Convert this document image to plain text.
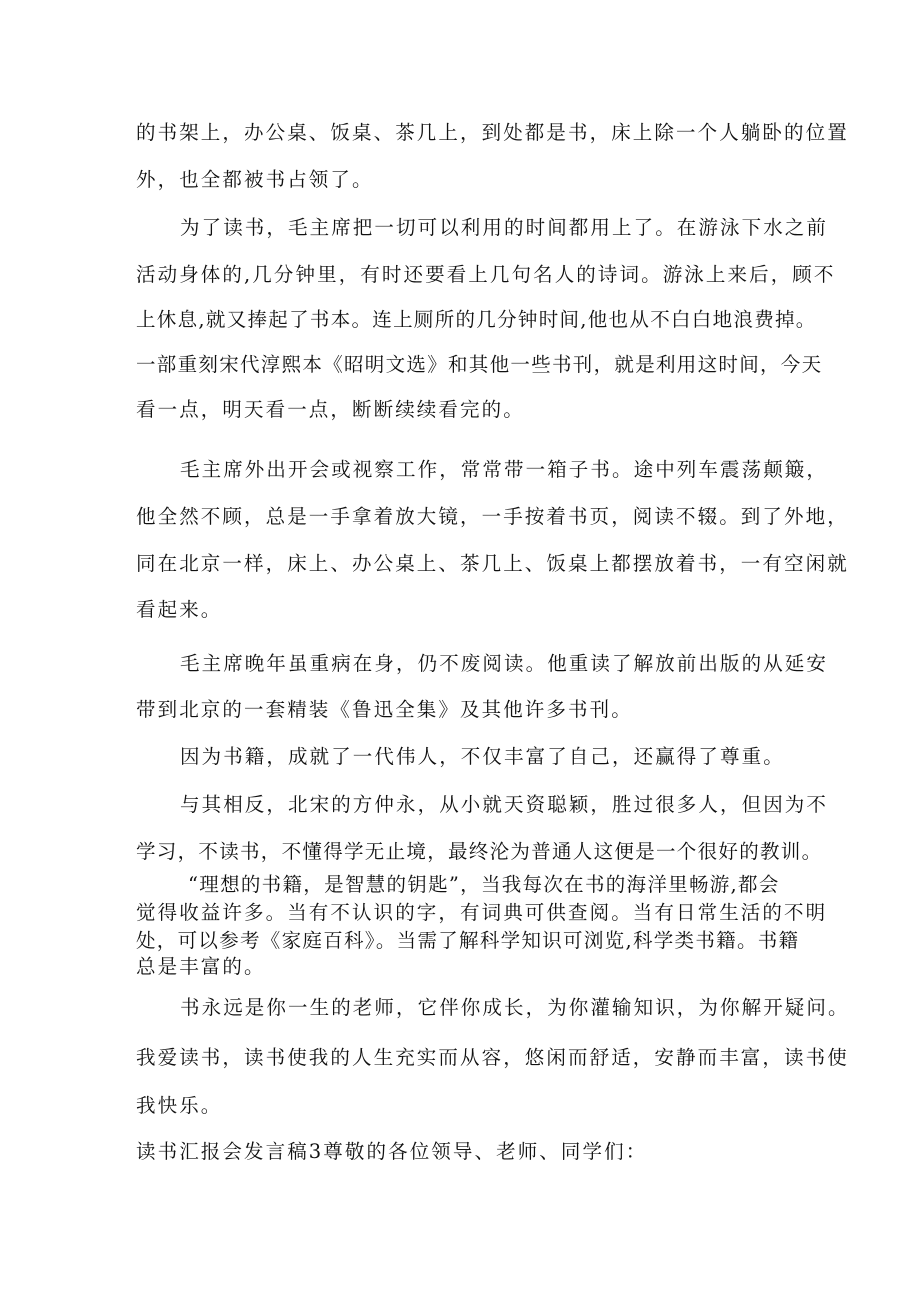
的书架上，办公桌、饭桌、茶几上，到处都是书，床上除一个人躺卧的位置
外，也全都被书占领了。
为了读书，毛主席把一切可以利用的时间都用上了。在游泳下水之前
活动身体的,几分钟里，有时还要看上几句名人的诗词。游泳上来后，顾不
上休息,就又捧起了书本。连上厕所的几分钟时间,他也从不白白地浪费掉。
一部重刻宋代淳熙本《昭明文选》和其他一些书刊，就是利用这时间，今天
看一点，明天看一点，断断续续看完的。
毛主席外出开会或视察工作，常常带一箱子书。途中列车震荡颠簸，
他全然不顾，总是一手拿着放大镜，一手按着书页，阅读不辍。到了外地，
同在北京一样，床上、办公桌上、茶几上、饭桌上都摆放着书，一有空闲就
看起来。
毛主席晚年虽重病在身，仍不废阅读。他重读了解放前出版的从延安
带到北京的一套精装《鲁迅全集》及其他许多书刊。
因为书籍，成就了一代伟人，不仅丰富了自己，还赢得了尊重。
与其相反，北宋的方仲永，从小就天资聪颖，胜过很多人，但因为不
学习，不读书，不懂得学无止境，最终沦为普通人这便是一个很好的教训。
“理想的书籍，是智慧的钥匙”，当我每次在书的海洋里畅游,都会
觉得收益许多。当有不认识的字，有词典可供查阅。当有日常生活的不明
处，可以参考《家庭百科》。当需了解科学知识可浏览,科学类书籍。书籍
总是丰富的。
书永远是你一生的老师，它伴你成长，为你灌输知识，为你解开疑问。
我爱读书，读书使我的人生充实而从容，悠闲而舒适，安静而丰富，读书使
我快乐。
读书汇报会发言稿3尊敬的各位领导、老师、同学们：
